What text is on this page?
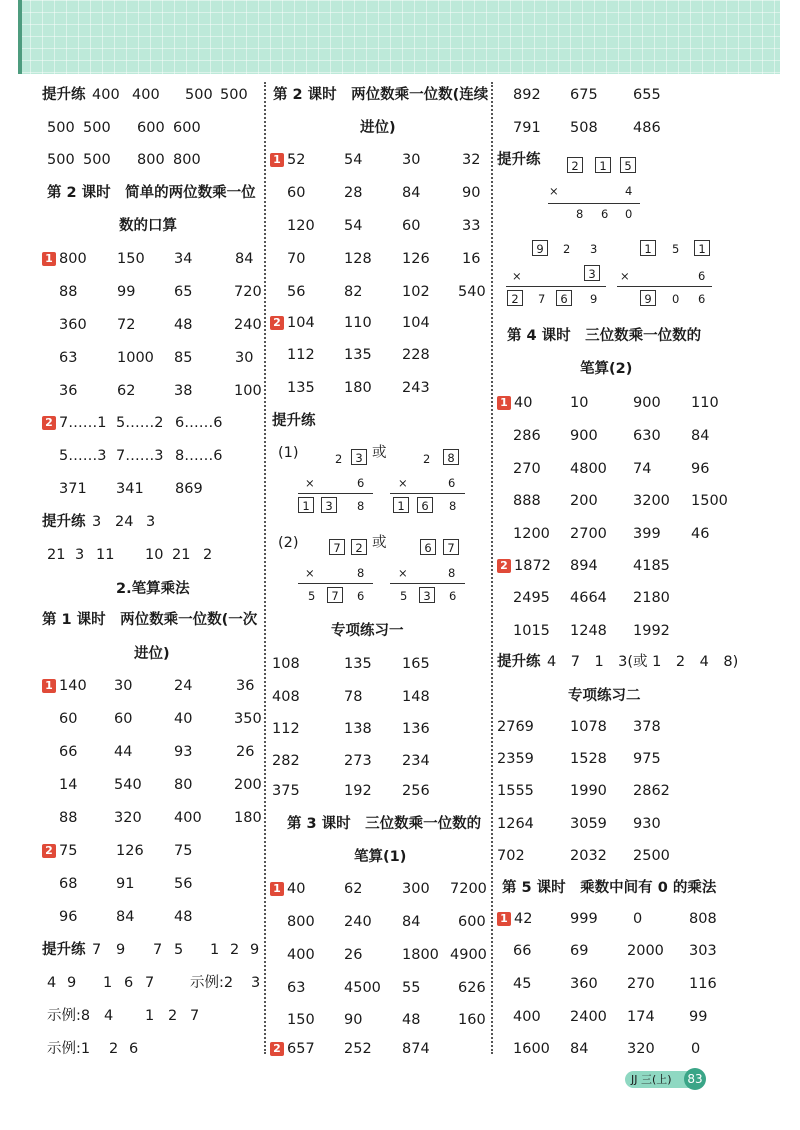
提升练 400 400 500 500
500 500 600 600
500 500 800 800
第 2 课时　简单的两位数乘一位
数的口算
1 800 150 34	84
88	99	65	720
360 72	48	240
63	1000 85	30
36	62	38	100
2 7……1 5……2 6……6
5……3 7……3 8……6
371 341 869
提升练 3 24 3
21 3 11 10 21 2
2.笔算乘法
第 1 课时　两位数乘一位数(一次
进位)
1 140 30	24	36
60	60	40	350
66	44	93	26
14	540 80	200
88	320 400 180
2 75	126 75
68	91	56
96	84	48
提升练 7 9 7 5 1 2 9
4 9 1 6 7 示例:2 3
示例:8 4 1 2 7
示例:1 2 6
第 2 课时　两位数乘一位数(连续
进位)
1 52	54	30	32
60	28	84	90
120 54	60	33
70	128 126 16
56	82	102 540
2 104 110 104
112 135 228
135 180 243
提升练
(1)	2	3 或
×	6
1	3	8
2	8
×	6
1	6	8
(2)	7	2 或
×	8
5	7	6
6	7
×	8
5	3	6
专项练习一
108	135 165
408	78	148
112	138 136
282	273 234
375	192 256
第 3 课时　三位数乘一位数的
笔算(1)
1 40	62	300 7200
800 240 84	600
400 26	1800 4900
63	4500 55	626
150 90	48	160
2 657 252 874
892 675 655
791 508 486
提升练	2	1	5
×	4
8 6 0
9	2 3
×	3
2	7	6	9
1	5	1
×	6
9	0 6
第 4 课时　三位数乘一位数的
笔算(2)
1 40	10	900 110
286 900 630 84
270 4800 74	96
888 200 3200 1500
1200 2700 399 46
2 1872 894 4185
2495 4664 2180
1015 1248 1992
提升练 4　7　1　3(或 1　2　4　8)
专项练习二
2769 1078 378
2359 1528 975
1555 1990 2862
1264 3059 930
702	2032 2500
第 5 课时　乘数中间有 0 的乘法
1 42	999 0	808
66	69	2000 303
45	360 270 116
400 2400 174 99
1600 84	320	0
JJ 三(上)	83
